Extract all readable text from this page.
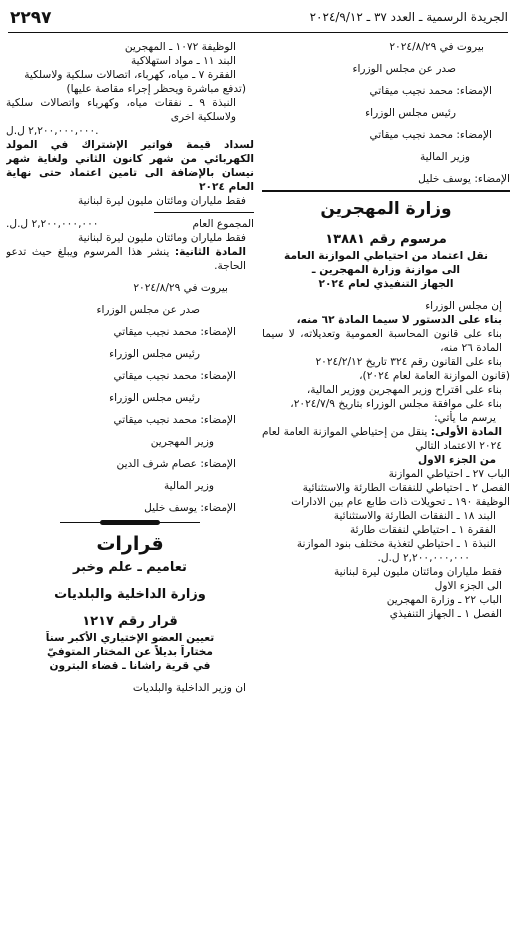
الجريدة الرسمية ـ العدد ٣٧ ـ ٢٠٢٤/٩/١٢
٢٢٩٧
بيروت في ٢٠٢٤/٨/٢٩
صدر عن مجلس الوزراء
الإمضاء: محمد نجيب ميقاتي
رئيس مجلس الوزراء
الإمضاء: محمد نجيب ميقاتي
وزير المالية
الإمضاء: يوسف خليل
وزارة المهجرين
مرسوم رقم ١٣٨٨١
نقل اعتماد من احتياطي الموازنة العامة
الى موازنة وزارة المهجرين ـ
الجهاز التنفيذي لعام ٢٠٢٤
إن مجلس الوزراء
بناء على الدستور لا سيما المادة ٦٢ منه،
بناء على قانون المحاسبة العمومية وتعديلاته، لا سيما المادة ٢٦ منه،
بناء على القانون رقم ٣٢٤ تاريخ ٢٠٢٤/٢/١٢
(قانون الموازنة العامة لعام ٢٠٢٤)،
بناء على اقتراح وزير المهجرين ووزير المالية،
بناء على موافقة مجلس الوزراء بتاريخ ٢٠٢٤/٧/٩،
يرسم ما يأتي:
المادة الأولى: ينقل من إحتياطي الموازنة العامة لعام ٢٠٢٤ الاعتماد التالي
من الجزء الاول
الباب ٢٧ ـ احتياطي الموازنة
الفصل ٢ ـ احتياطي للنفقات الطارئة والاستثنائية
الوظيفة ١٩٠ ـ تحويلات ذات طابع عام بين الادارات
البند ١٨ ـ النفقات الطارئة والاستثنائية
الفقرة ١ ـ احتياطي لنفقات طارئة
النبذة ١ ـ احتياطي لتغذية مختلف بنود الموازنة
٢,٢٠٠,٠٠٠,٠٠٠ ل.ل.
فقط ملياران ومائتان مليون ليرة لبنانية
الى الجزء الاول
الباب ٢٢ ـ وزارة المهجرين
الفصل ١ ـ الجهاز التنفيذي
الوظيفة ١٠٧٢ ـ المهجرين
البند ١١ ـ مواد استهلاكية
الفقرة ٧ ـ مياه، كهرباء، اتصالات سلكية ولاسلكية
(تدفع مباشرة ويحظر إجراء مقاصة عليها)
النبذة ٩ ـ نفقات مياه، وكهرباء واتصالات سلكية ولاسلكية اخرى
٢,٢٠٠,٠٠٠,٠٠٠ ل.ل.
لسداد قيمة فواتير الإشتراك في المولد الكهربائي من شهر كانون الثاني ولغاية شهر نيسان بالإضافة الى تامين اعتماد حتى نهاية العام ٢٠٢٤
فقط ملياران ومائتان مليون ليرة لبنانية
المجموع العام
٢,٢٠٠,٠٠٠,٠٠٠ ل.ل.
فقط ملياران ومائتان مليون ليرة لبنانية
المادة الثانية: ينشر هذا المرسوم ويبلغ حيث تدعو الحاجة.
بيروت في ٢٠٢٤/٨/٢٩
صدر عن مجلس الوزراء
الإمضاء: محمد نجيب ميقاتي
رئيس مجلس الوزراء
الإمضاء: محمد نجيب ميقاتي
رئيس مجلس الوزراء
الإمضاء: محمد نجيب ميقاتي
وزير المهجرين
الإمضاء: عصام شرف الدين
وزير المالية
الإمضاء: يوسف خليل
قرارات
تعاميم ـ علم وخبر
وزارة الداخلية والبلديات
قرار رقم ١٢١٧
تعيين العضو الإختياري الأكبر سناً
مختاراً بديلاً عن المختار المتوفيّ
في قرية راشانا ـ قضاء البترون
ان وزير الداخلية والبلديات
